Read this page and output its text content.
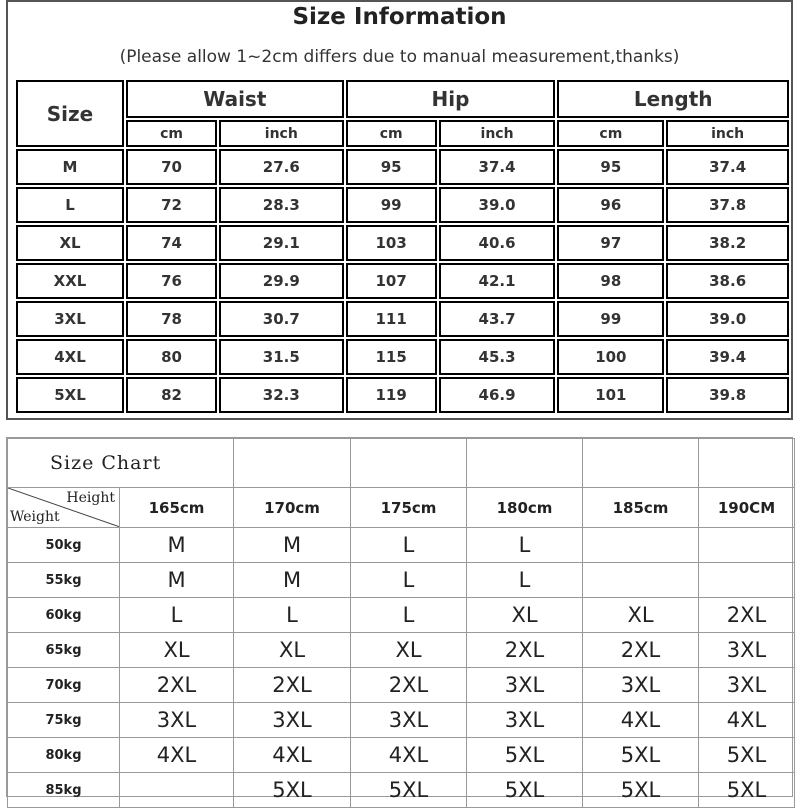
Size Information
(Please allow 1~2cm differs due to manual measurement,thanks)
Size	Waist		Hip		Length	
	cm	inch	cm	inch	cm	inch
M	70	27.6	95	37.4	95	37.4
L	72	28.3	99	39.0	96	37.8
XL	74	29.1	103	40.6	97	38.2
XXL	76	29.9	107	42.1	98	38.6
3XL	78	30.7	111	43.7	99	39.0
4XL	80	31.5	115	45.3	100	39.4
5XL	82	32.3	119	46.9	101	39.8
Size Chart						

Height
Weight	165cm	170cm	175cm	180cm	185cm	190CM
50kg	M	M	L	L		
55kg	M	M	L	L		
60kg	L	L	L	XL	XL	2XL
65kg	XL	XL	XL	2XL	2XL	3XL
70kg	2XL	2XL	2XL	3XL	3XL	3XL
75kg	3XL	3XL	3XL	3XL	4XL	4XL
80kg	4XL	4XL	4XL	5XL	5XL	5XL
85kg		5XL	5XL	5XL	5XL	5XL
